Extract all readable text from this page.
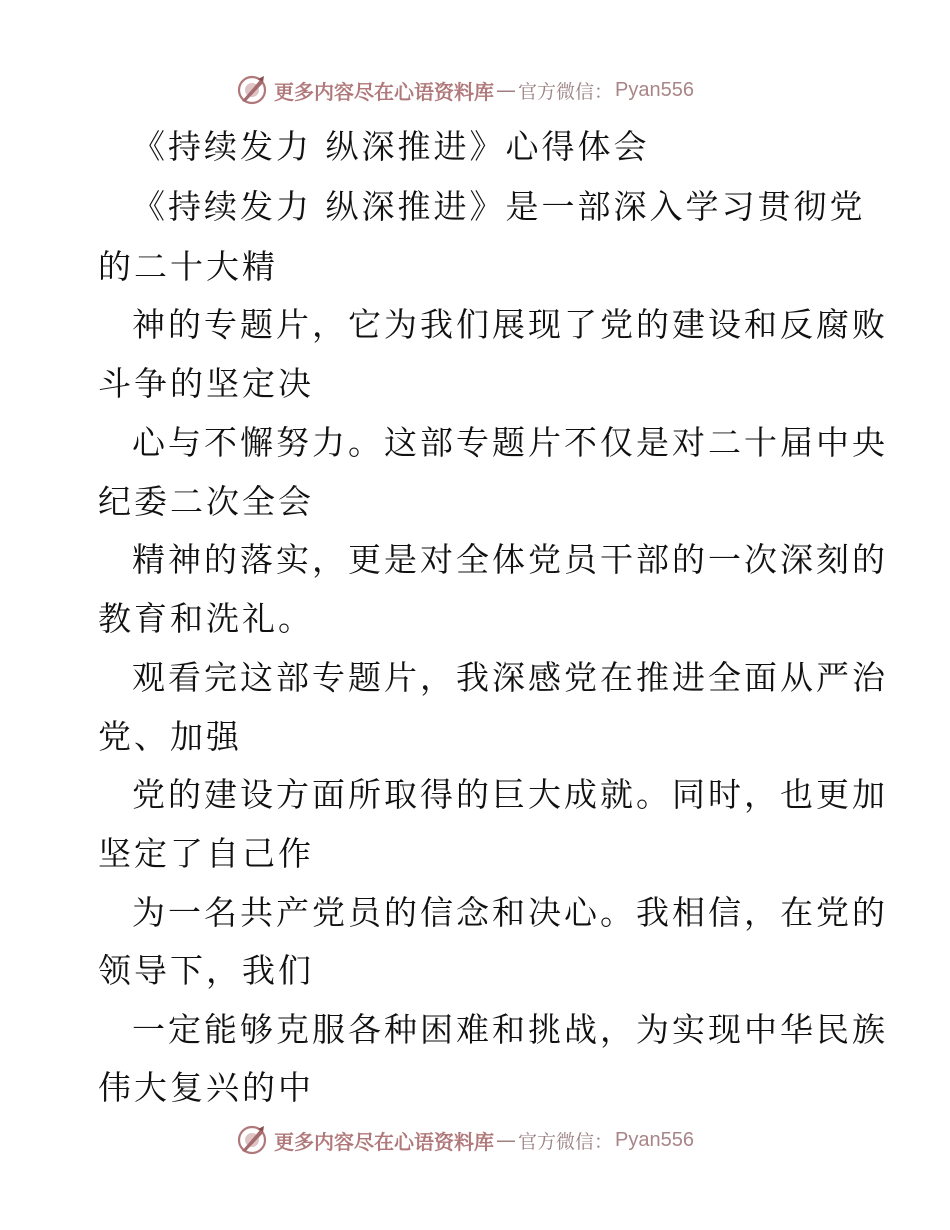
更多内容尽在心语资料库 — 官方微信： Pyan556
《持续发力 纵深推进》心得体会
《持续发力 纵深推进》是一部深入学习贯彻党
的二十大精
神的专题片，它为我们展现了党的建设和反腐败
斗争的坚定决
心与不懈努力。这部专题片不仅是对二十届中央
纪委二次全会
精神的落实，更是对全体党员干部的一次深刻的
教育和洗礼。
观看完这部专题片，我深感党在推进全面从严治
党、加强
党的建设方面所取得的巨大成就。同时，也更加
坚定了自己作
为一名共产党员的信念和决心。我相信，在党的
领导下，我们
一定能够克服各种困难和挑战，为实现中华民族
伟大复兴的中
更多内容尽在心语资料库 — 官方微信： Pyan556
